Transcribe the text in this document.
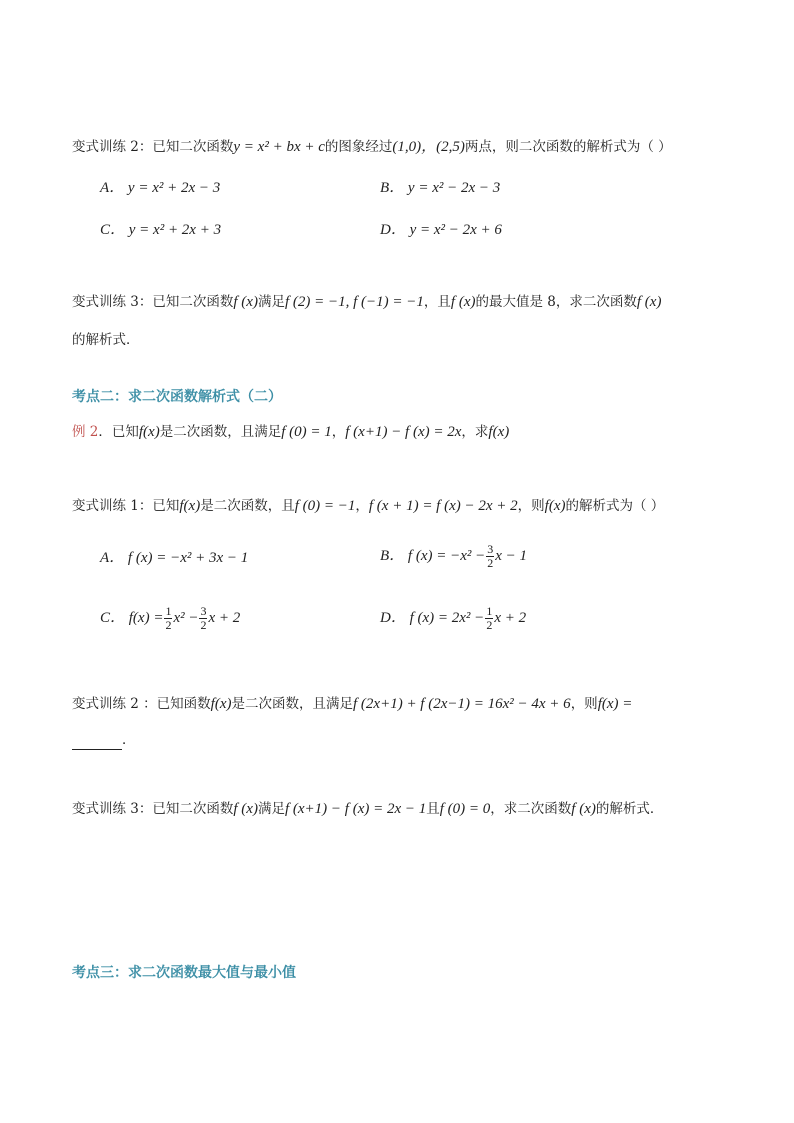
变式训练 2：已知二次函数y = x² + bx + c的图象经过(1,0)，(2,5)两点，则二次函数的解析式为（ ）
A． y = x² + 2x − 3	B． y = x² − 2x − 3
C． y = x² + 2x + 3	D． y = x² − 2x + 6
变式训练 3：已知二次函数f (x)满足f (2) = −1, f (−1) = −1，且f (x)的最大值是 8，求二次函数f (x)
的解析式．
考点二：求二次函数解析式（二）
例 2．已知f(x)是二次函数，且满足f (0) = 1，f (x+1) − f (x) = 2x，求f(x)
变式训练 1：已知f(x)是二次函数，且f (0) = −1，f (x + 1) = f (x) − 2x + 2，则f(x)的解析式为（ ）
A． f (x) = −x² + 3x − 1	B． f $(x) = -x^2 - \frac{3}{2}$ x − 1
C． $f(x) = \frac{1}{2} x^2 - \frac{3}{2}$ x + 2	D． f $(x) = 2x^2 - \frac{1}{2}$ x + 2
变式训练 2 ：已知函数f(x)是二次函数，且满足f (2x+1) + f (2x−1) = 16x² − 4x + 6，则f(x) =
．
变式训练 3：已知二次函数f (x)满足f (x+1) − f (x) = 2x − 1且f (0) = 0，求二次函数f (x)的解析式．
考点三：求二次函数最大值与最小值
